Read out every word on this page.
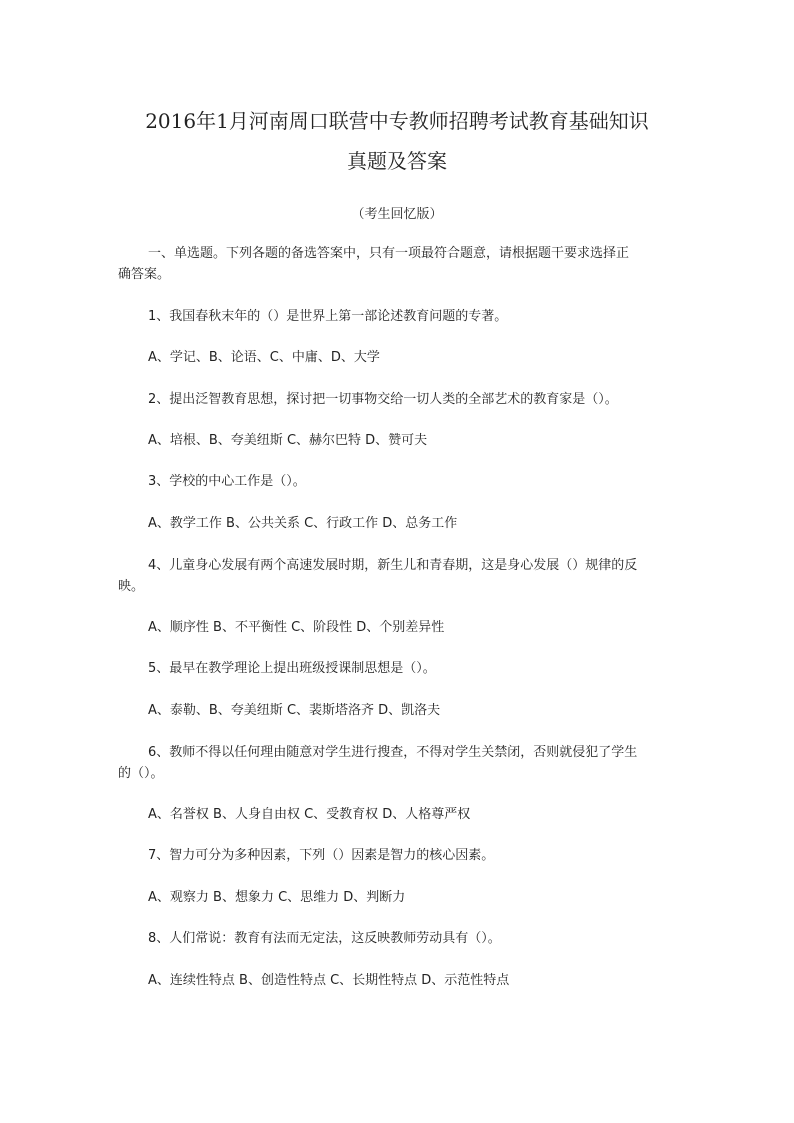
2016年1月河南周口联营中专教师招聘考试教育基础知识
真题及答案
（考生回忆版）
一、单选题。下列各题的备选答案中，只有一项最符合题意，请根据题干要求选择正
确答案。
1、我国春秋末年的（）是世界上第一部论述教育问题的专著。
A、学记、B、论语、C、中庸、D、大学
2、提出泛智教育思想，探讨把一切事物交给一切人类的全部艺术的教育家是（）。
A、培根、B、夸美纽斯 C、赫尔巴特 D、赞可夫
3、学校的中心工作是（）。
A、教学工作 B、公共关系 C、行政工作 D、总务工作
4、儿童身心发展有两个高速发展时期，新生儿和青春期，这是身心发展（）规律的反
映。
A、顺序性 B、不平衡性 C、阶段性 D、个别差异性
5、最早在教学理论上提出班级授课制思想是（）。
A、泰勒、B、夸美纽斯 C、裴斯塔洛齐 D、凯洛夫
6、教师不得以任何理由随意对学生进行搜查，不得对学生关禁闭，否则就侵犯了学生
的（）。
A、名誉权 B、人身自由权 C、受教育权 D、人格尊严权
7、智力可分为多种因素，下列（）因素是智力的核心因素。
A、观察力 B、想象力 C、思维力 D、判断力
8、人们常说：教育有法而无定法，这反映教师劳动具有（）。
A、连续性特点 B、创造性特点 C、长期性特点 D、示范性特点
